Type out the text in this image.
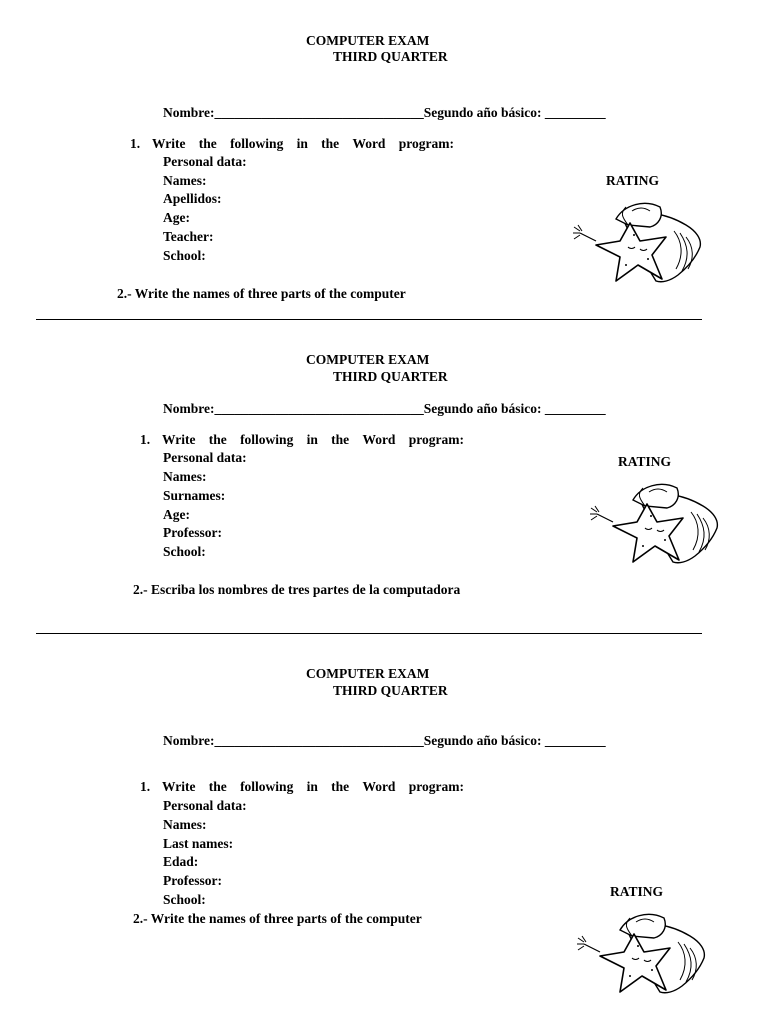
COMPUTER EXAM
THIRD QUARTER
Nombre:_______________________________Segundo año básico: _________
1. Write the following in the Word program:
Personal data:
Names:
Apellidos:
Age:
Teacher:
School:
RATING
2.- Write the names of three parts of the computer
COMPUTER EXAM
THIRD QUARTER
Nombre:_______________________________Segundo año básico: _________
1. Write the following in the Word program:
Personal data:
Names:
Surnames:
Age:
Professor:
School:
RATING
2.- Escriba los nombres de tres partes de la computadora
COMPUTER EXAM
THIRD QUARTER
Nombre:_______________________________Segundo año básico: _________
1. Write the following in the Word program:
Personal data:
Names:
Last names:
Edad:
Professor:
School:
2.- Write the names of three parts of the computer
RATING
